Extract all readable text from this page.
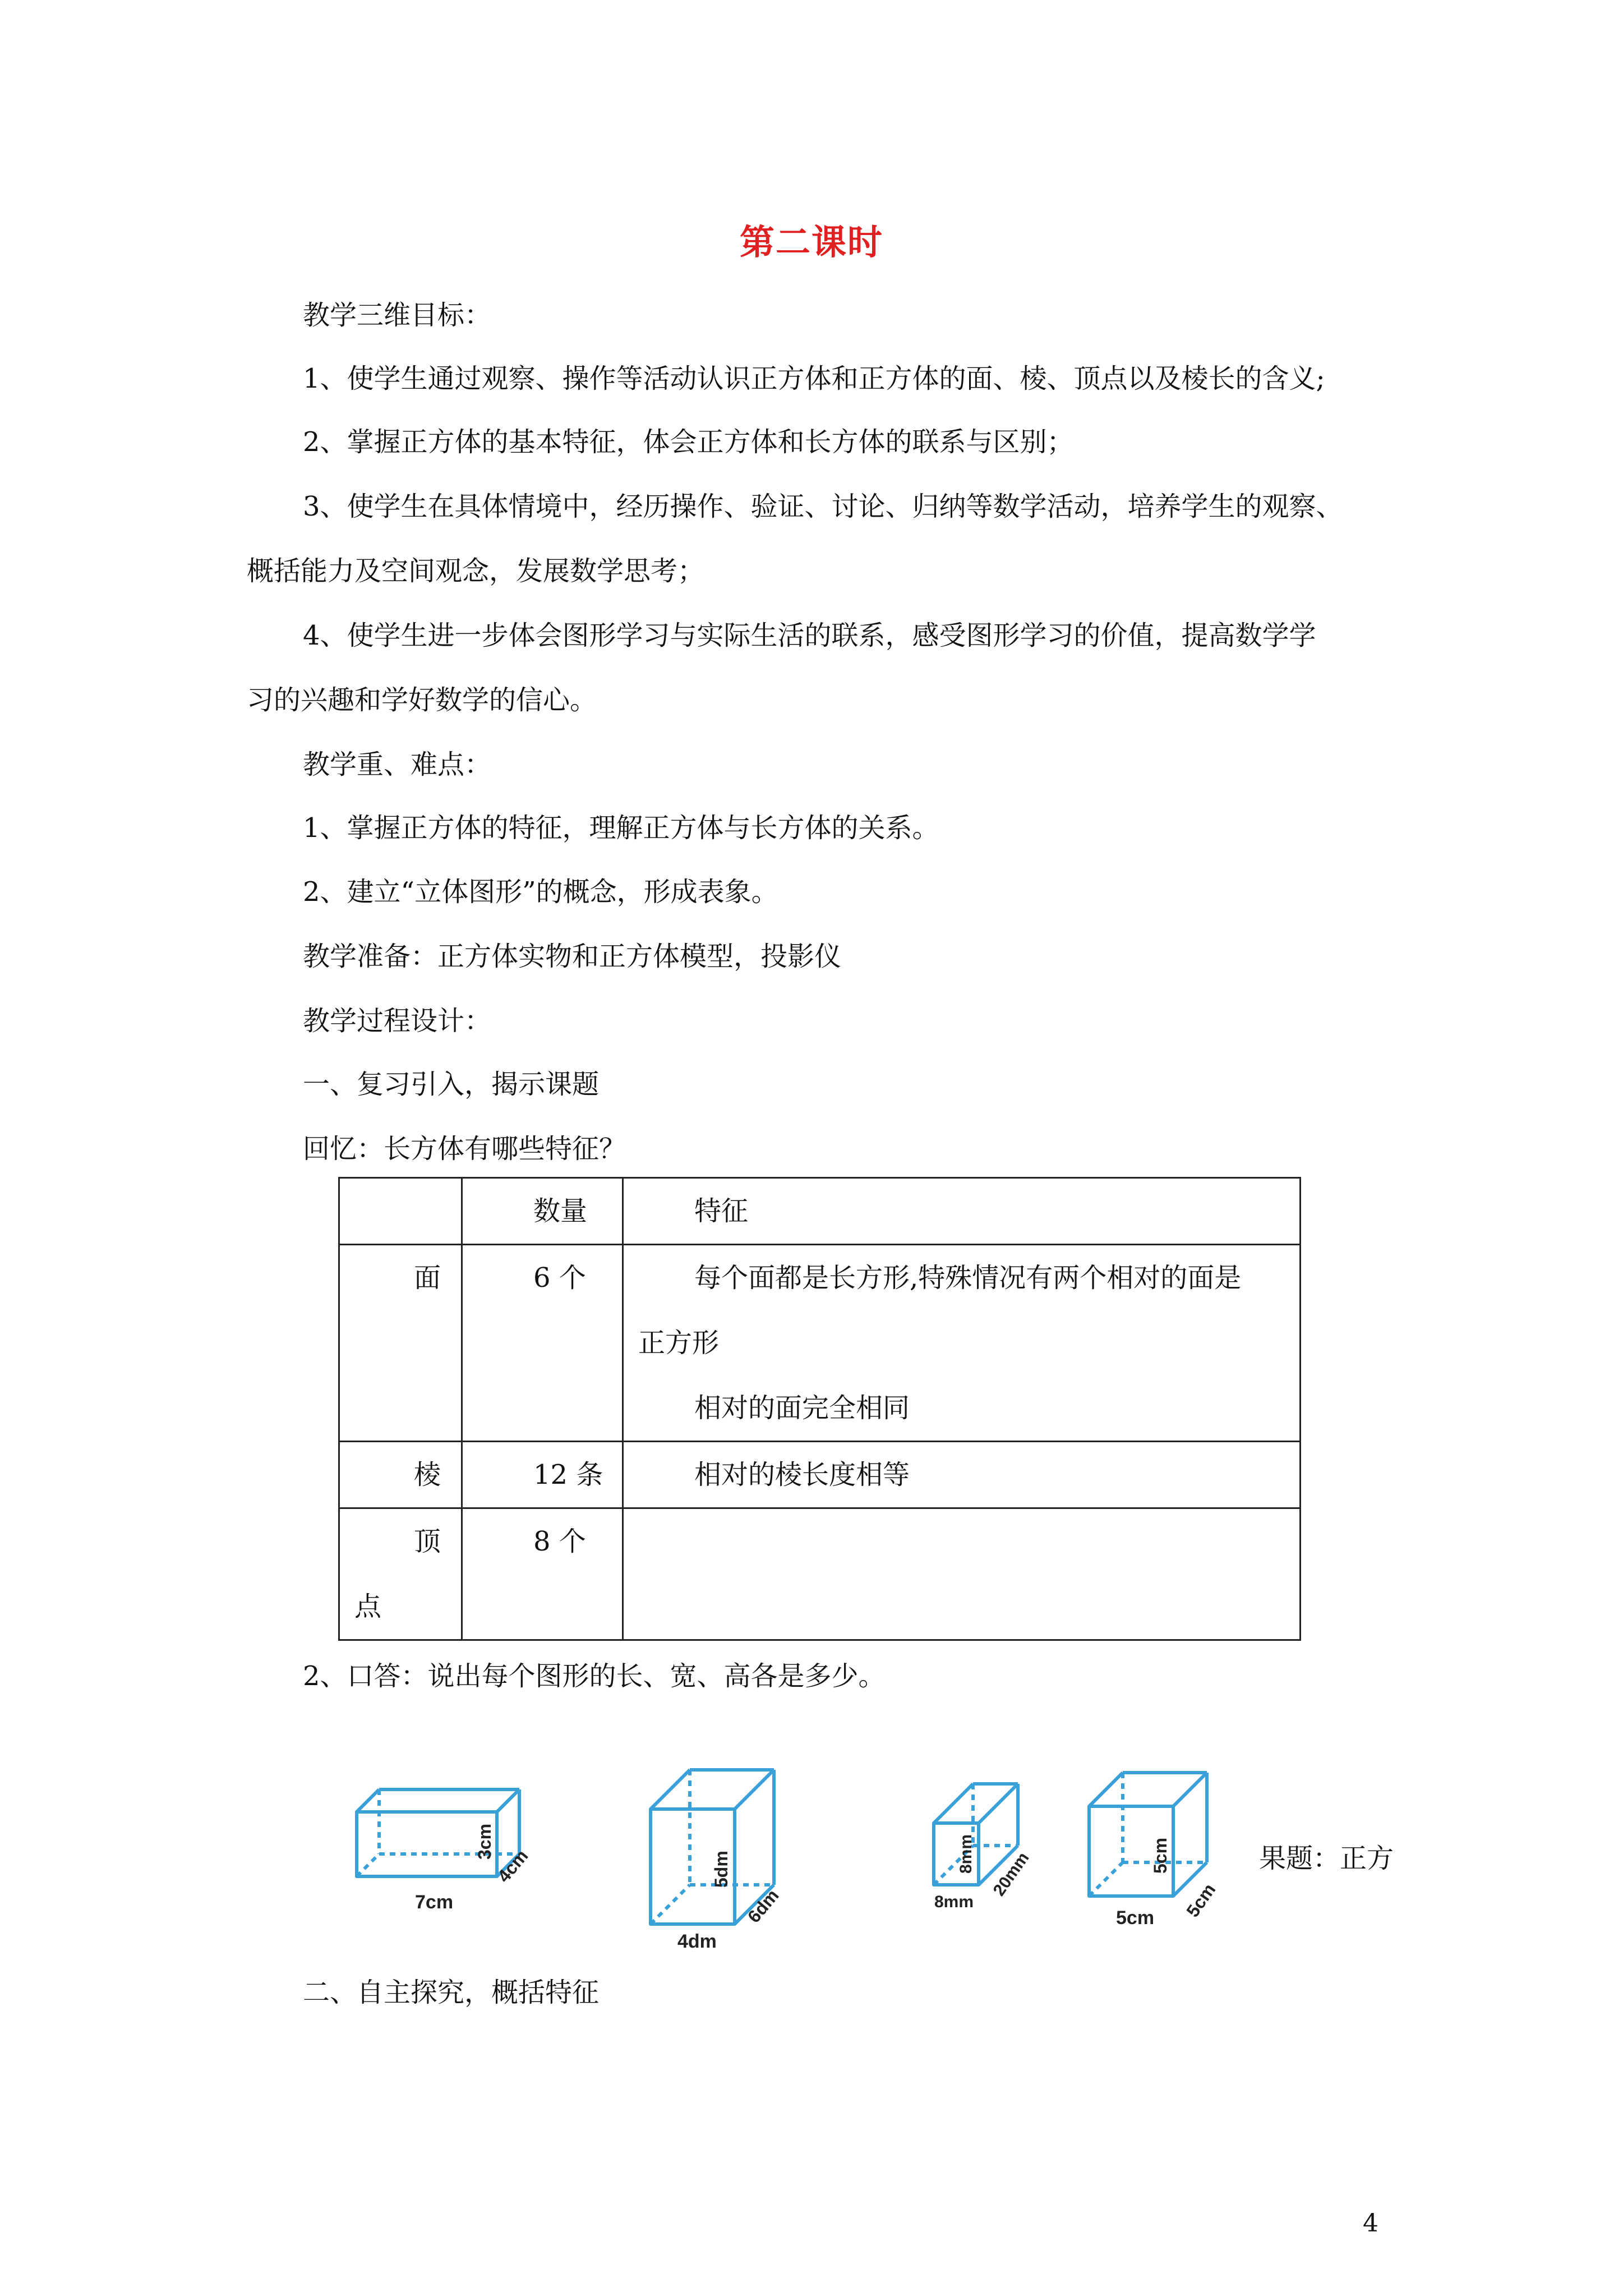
第二课时
教学三维目标：
1、使学生通过观察、操作等活动认识正方体和正方体的面、棱、顶点以及棱长的含义;
2、掌握正方体的基本特征，体会正方体和长方体的联系与区别；
3、使学生在具体情境中，经历操作、验证、讨论、归纳等数学活动，培养学生的观察、
概括能力及空间观念，发展数学思考；
4、使学生进一步体会图形学习与实际生活的联系，感受图形学习的价值，提高数学学
习的兴趣和学好数学的信心。
教学重、难点：
1、掌握正方体的特征，理解正方体与长方体的关系。
2、建立“立体图形”的概念，形成表象。
教学准备：正方体实物和正方体模型，投影仪
教学过程设计：
一、复习引入，揭示课题
回忆：长方体有哪些特征？

	数量	特征

面	6 个	每个面都是长方形,特殊情况有两个相对的面是
正方形
相对的面完全相同

棱	12 条	相对的棱长度相等

顶
点	8 个	

2、口答：说出每个图形的长、宽、高各是多少。
7cm
4cm
3cm
4dm
6dm
5dm
8mm
20mm
8mm
5cm 5cm
5cm	果题：正方
二、自主探究，概括特征
4
